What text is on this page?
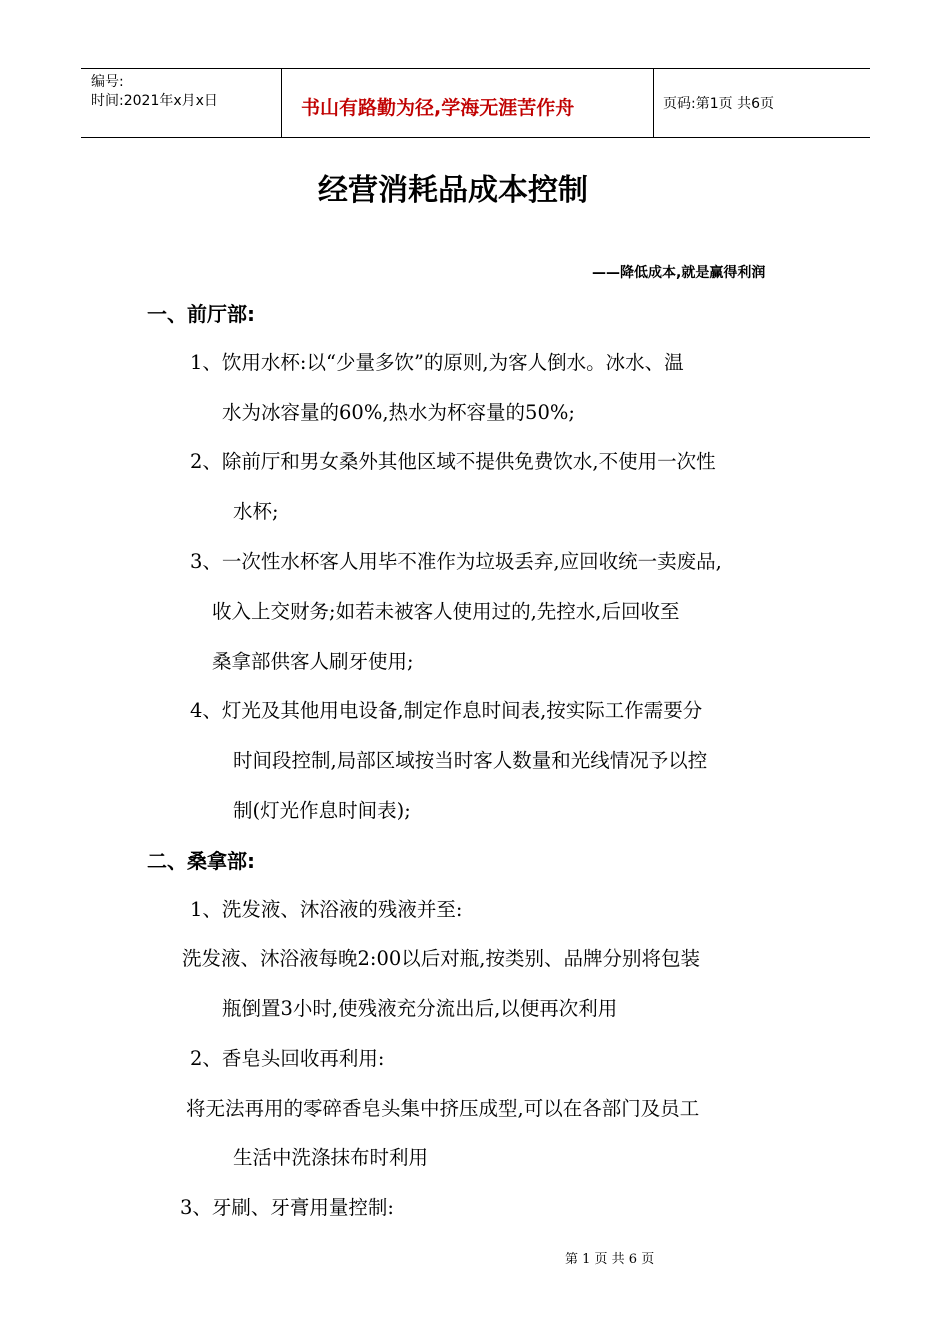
编号:
时间:2021年x月x日	书山有路勤为径,学海无涯苦作舟	页码:第1页 共6页
经营消耗品成本控制
——降低成本,就是赢得利润
一、前厅部:
1、饮用水杯:以“少量多饮”的原则,为客人倒水。冰水、温
水为冰容量的60%,热水为杯容量的50%;
2、除前厅和男女桑外其他区域不提供免费饮水,不使用一次性
水杯;
3、一次性水杯客人用毕不准作为垃圾丢弃,应回收统一卖废品,
收入上交财务;如若未被客人使用过的,先控水,后回收至
桑拿部供客人刷牙使用;
4、灯光及其他用电设备,制定作息时间表,按实际工作需要分
时间段控制,局部区域按当时客人数量和光线情况予以控
制(灯光作息时间表);
二、桑拿部:
1、洗发液、沐浴液的残液并至:
洗发液、沐浴液每晚2:00以后对瓶,按类别、品牌分别将包装
瓶倒置3小时,使残液充分流出后,以便再次利用
2、香皂头回收再利用:
将无法再用的零碎香皂头集中挤压成型,可以在各部门及员工
生活中洗涤抹布时利用
3、牙刷、牙膏用量控制:
第 1 页 共 6 页
